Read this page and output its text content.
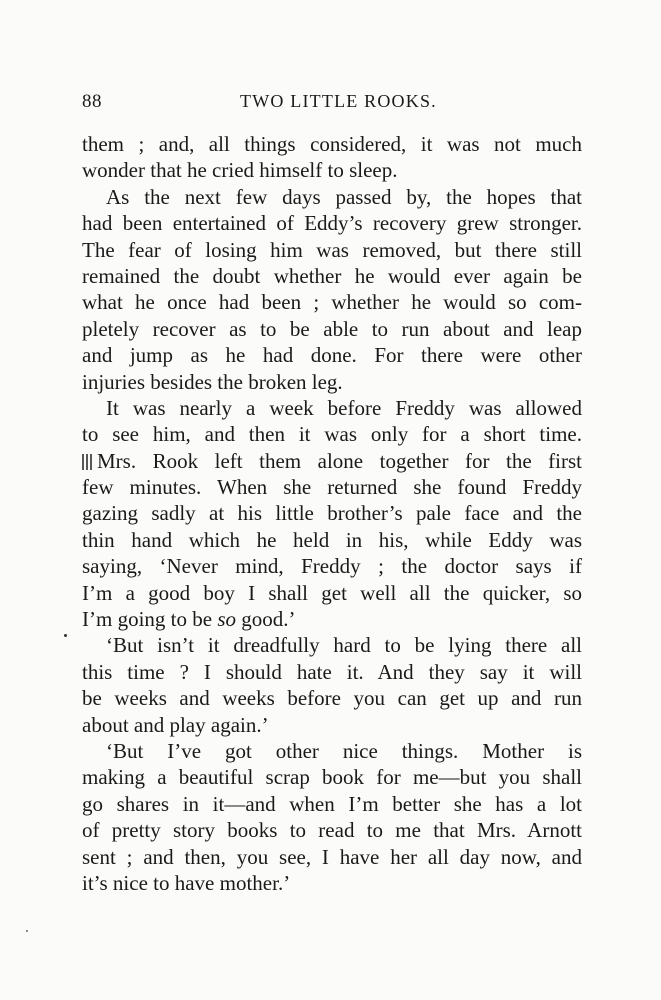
88	TWO LITTLE ROOKS.
them ; and, all things considered, it was not much
wonder that he cried himself to sleep.
As the next few days passed by, the hopes that
had been entertained of Eddy’s recovery grew stronger.
The fear of losing him was removed, but there still
remained the doubt whether he would ever again be
what he once had been ; whether he would so com-
pletely recover as to be able to run about and leap
and jump as he had done. For there were other
injuries besides the broken leg.
It was nearly a week before Freddy was allowed
to see him, and then it was only for a short time.
Mrs. Rook left them alone together for the first
few minutes. When she returned she found Freddy
gazing sadly at his little brother’s pale face and the
thin hand which he held in his, while Eddy was
saying, ‘Never mind, Freddy ; the doctor says if
I’m a good boy I shall get well all the quicker, so
I’m going to be so good.’
‘But isn’t it dreadfully hard to be lying there all
this time ? I should hate it. And they say it will
be weeks and weeks before you can get up and run
about and play again.’
‘But I’ve got other nice things. Mother is
making a beautiful scrap book for me—but you shall
go shares in it—and when I’m better she has a lot
of pretty story books to read to me that Mrs. Arnott
sent ; and then, you see, I have her all day now, and
it’s nice to have mother.’
